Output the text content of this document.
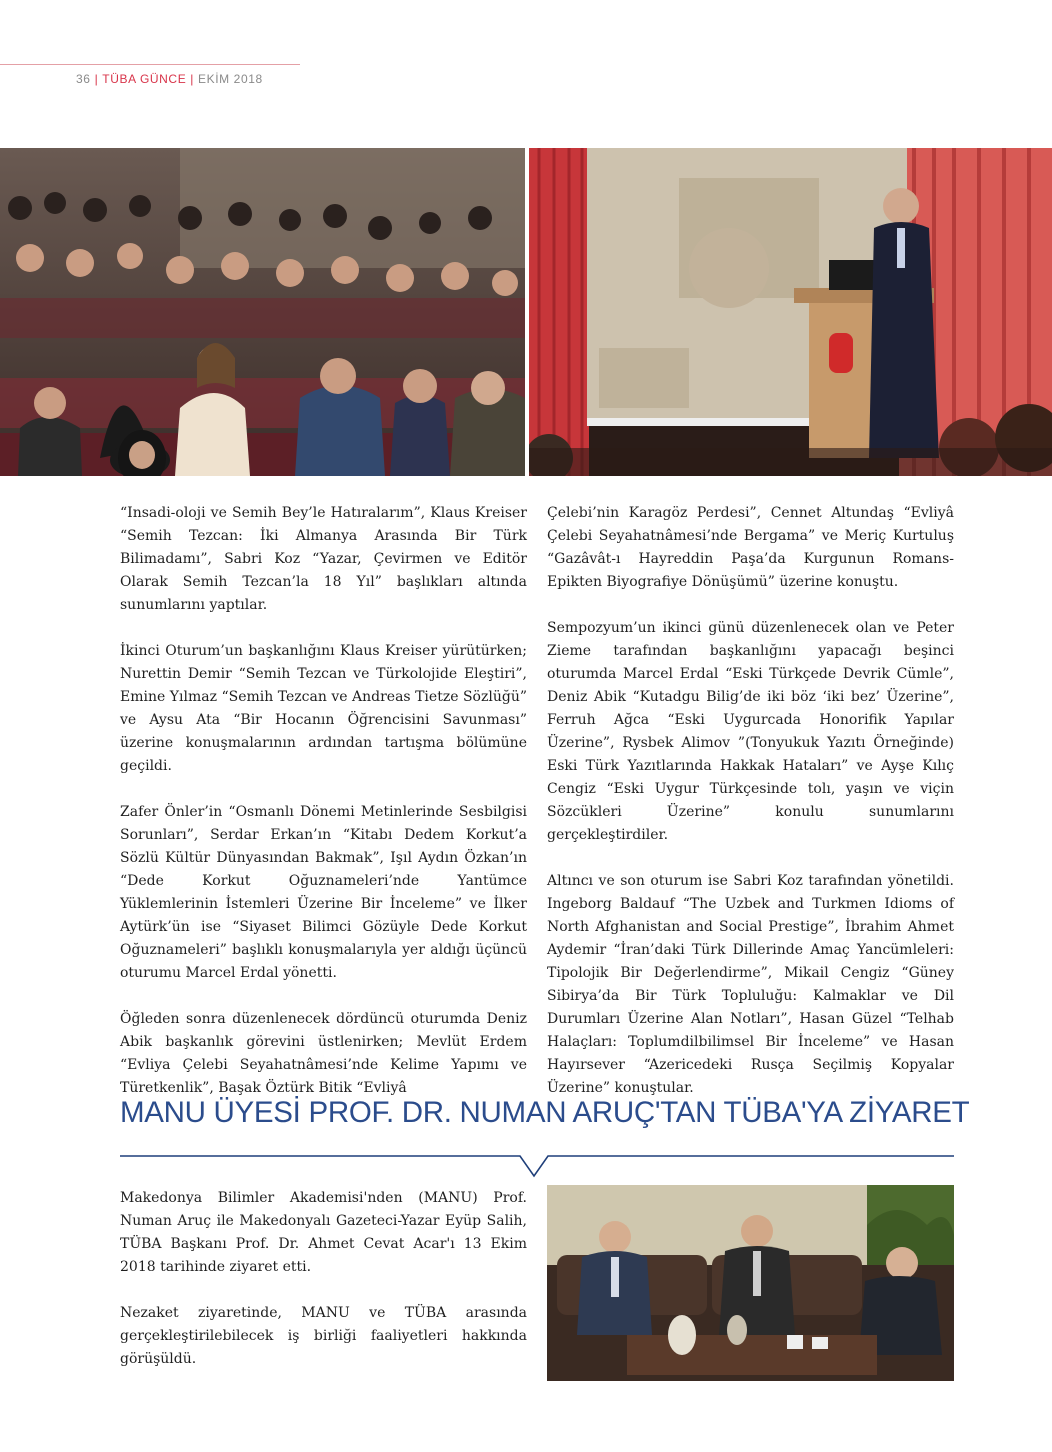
36 | TÜBA GÜNCE | EKİM 2018

“Insadi-oloji ve Semih Bey’le Hatıralarım”, Klaus Kreiser “Semih Tezcan: İki Almanya Arasında Bir Türk Bilimadamı”, Sabri Koz “Yazar, Çevirmen ve Editör Olarak Semih Tezcan’la 18 Yıl” başlıkları altında sunumlarını yaptılar.

İkinci Oturum’un başkanlığını Klaus Kreiser yürütürken; Nurettin Demir “Semih Tezcan ve Türkolojide Eleştiri”, Emine Yılmaz “Semih Tezcan ve Andreas Tietze Sözlüğü” ve Aysu Ata “Bir Hocanın Öğrencisini Savunması” üzerine konuşmalarının ardından tartışma bölümüne geçildi.

Zafer Önler’in “Osmanlı Dönemi Metinlerinde Sesbilgisi Sorunları”, Serdar Erkan’ın “Kitabı Dedem Korkut’a Sözlü Kültür Dünyasından Bakmak”, Işıl Aydın Özkan’ın “Dede Korkut Oğuznameleri’nde Yantümce Yüklemlerinin İstemleri Üzerine Bir İnceleme” ve İlker Aytürk’ün ise “Siyaset Bilimci Gözüyle Dede Korkut Oğuznameleri” başlıklı konuşmalarıyla yer aldığı üçüncü oturumu Marcel Erdal yönetti.

Öğleden sonra düzenlenecek dördüncü oturumda Deniz Abik başkanlık görevini üstlenirken; Mevlüt Erdem “Evliya Çelebi Seyahatnâmesi’nde Kelime Yapımı ve Türetkenlik”, Başak Öztürk Bitik “Evliyâ

Çelebi’nin Karagöz Perdesi”, Cennet Altundaş “Evliyâ Çelebi Seyahatnâmesi’nde Bergama” ve Meriç Kurtuluş “Gazâvât-ı Hayreddin Paşa’da Kurgunun Romans-Epikten Biyografiye Dönüşümü” üzerine konuştu.

Sempozyum’un ikinci günü düzenlenecek olan ve Peter Zieme tarafından başkanlığını yapacağı beşinci oturumda Marcel Erdal “Eski Türkçede Devrik Cümle”, Deniz Abik “Kutadgu Bilig’de iki böz ‘iki bez’ Üzerine”, Ferruh Ağca “Eski Uygurcada Honorifik Yapılar Üzerine”, Rysbek Alimov ”(Tonyukuk Yazıtı Örneğinde) Eski Türk Yazıtlarında Hakkak Hataları” ve Ayşe Kılıç Cengiz “Eski Uygur Türkçesinde tolı, yaşın ve viçin Sözcükleri Üzerine” konulu sunumlarını gerçekleştirdiler.

Altıncı ve son oturum ise Sabri Koz tarafından yönetildi. Ingeborg Baldauf “The Uzbek and Turkmen Idioms of North Afghanistan and Social Prestige”, İbrahim Ahmet Aydemir “İran’daki Türk Dillerinde Amaç Yancümleleri: Tipolojik Bir Değerlendirme”, Mikail Cengiz “Güney Sibirya’da Bir Türk Topluluğu: Kalmaklar ve Dil Durumları Üzerine Alan Notları”, Hasan Güzel “Telhab Halaçları: Toplumdilbilimsel Bir İnceleme” ve Hasan Hayırsever “Azericedeki Rusça Seçilmiş Kopyalar Üzerine” konuştular.

MANU ÜYESİ PROF. DR. NUMAN ARUÇ'TAN TÜBA'YA ZİYARET

Makedonya Bilimler Akademisi'nden (MANU) Prof. Numan Aruç ile Makedonyalı Gazeteci-Yazar Eyüp Salih, TÜBA Başkanı Prof. Dr. Ahmet Cevat Acar'ı 13 Ekim 2018 tarihinde ziyaret etti.

Nezaket ziyaretinde, MANU ve TÜBA arasında gerçekleştirilebilecek iş birliği faaliyetleri hakkında görüşüldü.
